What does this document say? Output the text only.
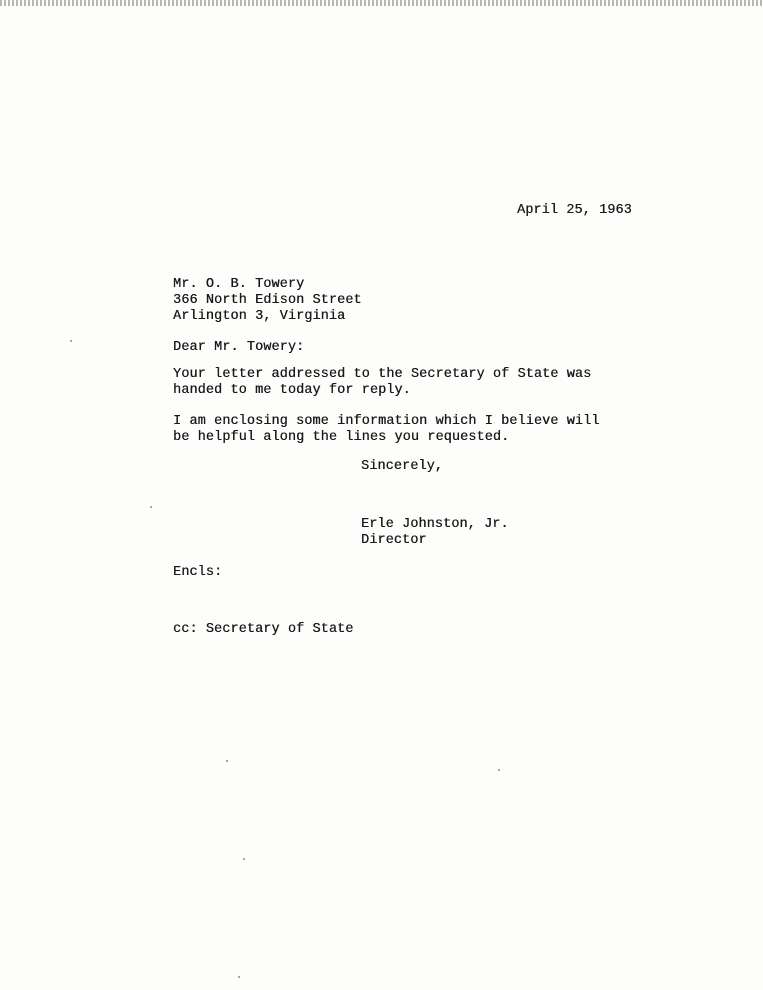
April 25, 1963
Mr. O. B. Towery
366 North Edison Street
Arlington 3, Virginia
Dear Mr. Towery:
Your letter addressed to the Secretary of State was
handed to me today for reply.
I am enclosing some information which I believe will
be helpful along the lines you requested.
Sincerely,
Erle Johnston, Jr.
Director
Encls:
cc: Secretary of State
